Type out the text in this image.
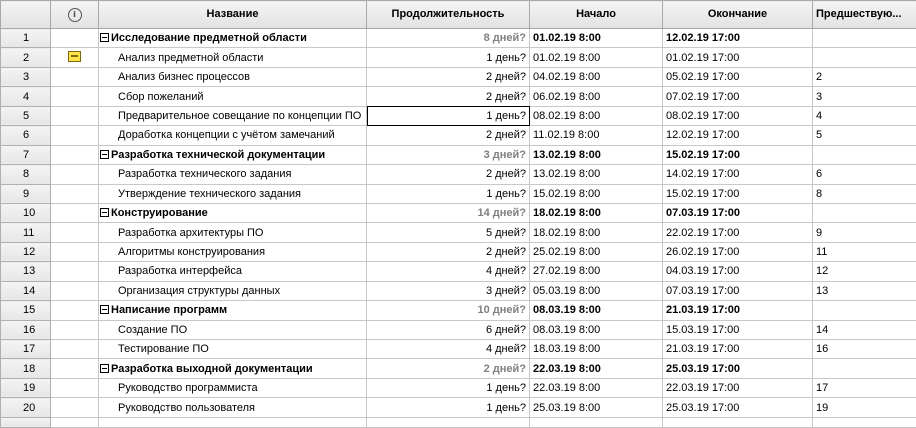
	i	Название	Продолжительность	Начало	Окончание	Предшествую...
1		Исследование предметной области	8 дней?	01.02.19 8:00	12.02.19 17:00	
2		Анализ предметной области	1 день?	01.02.19 8:00	01.02.19 17:00	
3		Анализ бизнес процессов	2 дней?	04.02.19 8:00	05.02.19 17:00	2
4		Сбор пожеланий	2 дней?	06.02.19 8:00	07.02.19 17:00	3
5		Предварительное совещание по концепции ПО	1 день?	08.02.19 8:00	08.02.19 17:00	4
6		Доработка концепции с учётом замечаний	2 дней?	11.02.19 8:00	12.02.19 17:00	5
7		Разработка технической документации	3 дней?	13.02.19 8:00	15.02.19 17:00	
8		Разработка технического задания	2 дней?	13.02.19 8:00	14.02.19 17:00	6
9		Утверждение технического задания	1 день?	15.02.19 8:00	15.02.19 17:00	8
10		Конструирование	14 дней?	18.02.19 8:00	07.03.19 17:00	
11		Разработка архитектуры ПО	5 дней?	18.02.19 8:00	22.02.19 17:00	9
12		Алгоритмы конструирования	2 дней?	25.02.19 8:00	26.02.19 17:00	11
13		Разработка интерфейса	4 дней?	27.02.19 8:00	04.03.19 17:00	12
14		Организация структуры данных	3 дней?	05.03.19 8:00	07.03.19 17:00	13
15		Написание программ	10 дней?	08.03.19 8:00	21.03.19 17:00	
16		Создание ПО	6 дней?	08.03.19 8:00	15.03.19 17:00	14
17		Тестирование ПО	4 дней?	18.03.19 8:00	21.03.19 17:00	16
18		Разработка выходной документации	2 дней?	22.03.19 8:00	25.03.19 17:00	
19		Руководство программиста	1 день?	22.03.19 8:00	22.03.19 17:00	17
20		Руководство пользователя	1 день?	25.03.19 8:00	25.03.19 17:00	19
